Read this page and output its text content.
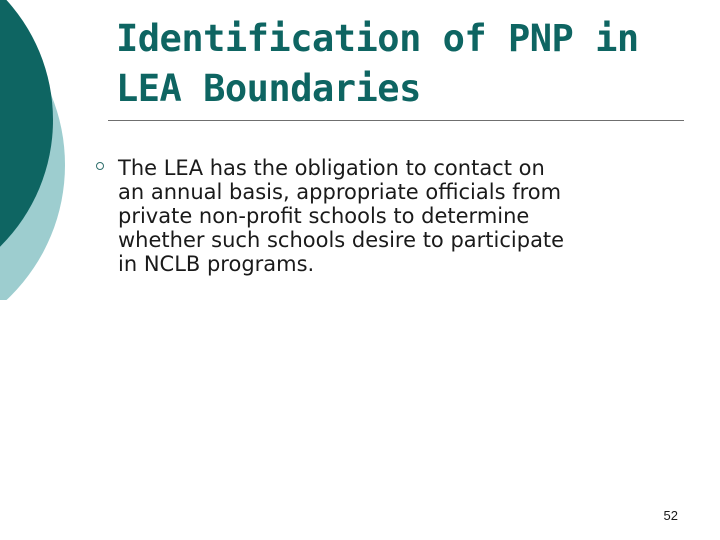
Identification of PNP in
LEA Boundaries
The LEA has the obligation to contact on
an annual basis, appropriate officials from
private non-profit schools to determine
whether such schools desire to participate
in NCLB programs.
52
